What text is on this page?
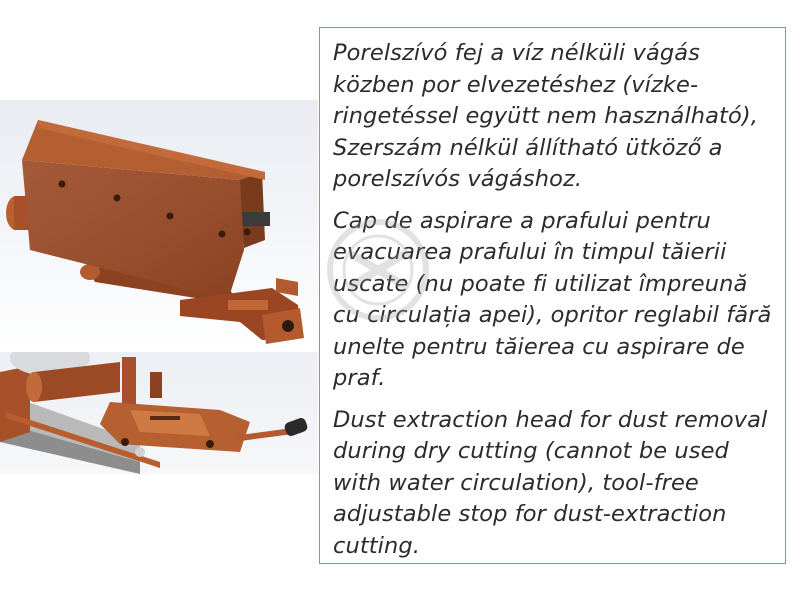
Porelszívó fej a víz nélküli vágás közben por elvezetéshez (vízkeringetéssel együtt nem használható), Szerszám nélkül állítható ütköző a porelszívós vágáshoz.

Cap de aspirare a prafului pentru evacuarea prafului în timpul tăierii uscate (nu poate fi utilizat împreună cu circulația apei), opritor reglabil fără unelte pentru tăierea cu aspirare de praf.

Dust extraction head for dust removal during dry cutting (cannot be used with water circulation), tool-free adjustable stop for dust-extraction cutting.
